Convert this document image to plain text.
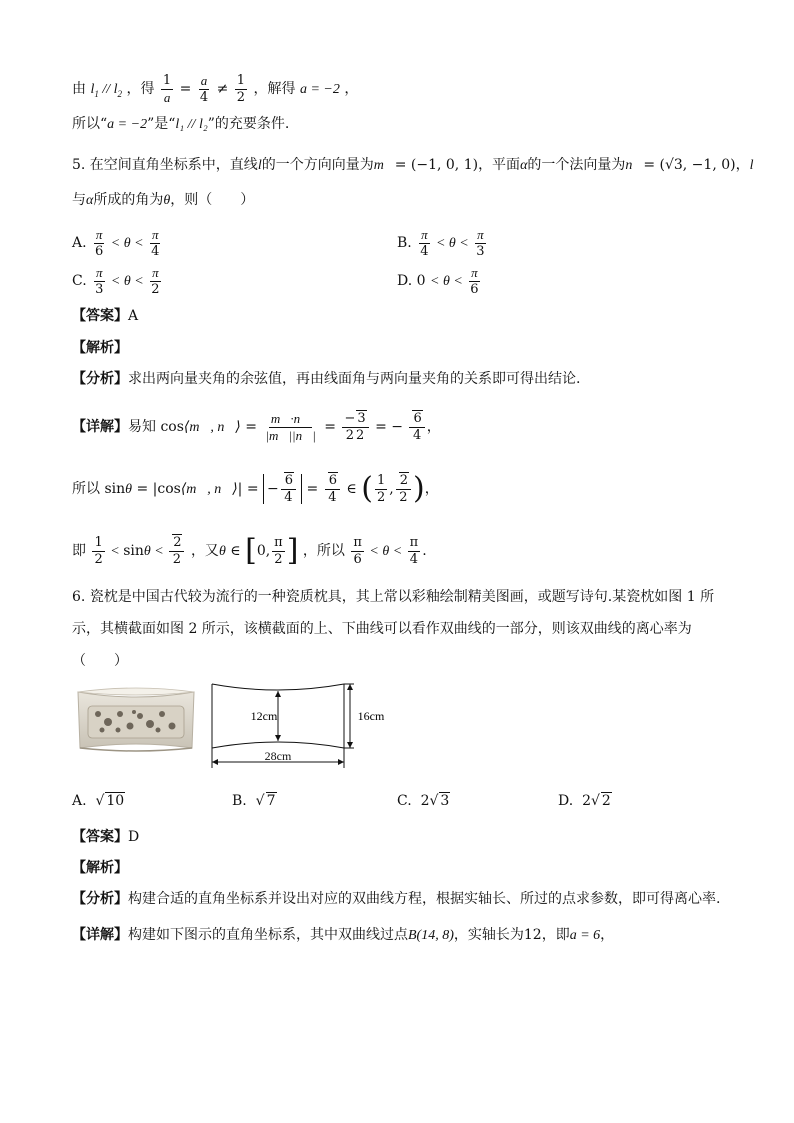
由 $l_1 // l_2$ ，得 $\frac{1}{a} = \frac{a}{4} \ne \frac{1}{2}$ ，解得 a = −2 ，
所以“a = −2”是“l₁ // l₂”的充要条件.
5. 在空间直角坐标系中，直线l的一个方向向量为m⃗= (−1, 0, 1)，平面α的一个法向量为n⃗= (√3, −1, 0)，l
与α所成的角为θ，则（　　）
A. $\frac{\pi}{6} < \theta < \frac{\pi}{4}$	B. $\frac{\pi}{4} < \theta < \frac{\pi}{3}$
C. $\frac{\pi}{3} < \theta < \frac{\pi}{2}$	D. $0 < \theta < \frac{\pi}{6}$
【答案】A
【解析】
【分析】求出两向量夹角的余弦值，再由线面角与两向量夹角的关系即可得出结论.
【详解】易知 cos⟨m⃗, n⃗⟩ = $\frac{m⃗\cdot n⃗}{|m⃗||n⃗|} = \frac{- 3}{2 2}$ = − $\frac{6}{4}$ ，
所以 sinθ = |cos⟨m⃗, n⃗⟩| = − $\frac{6}{4} = \frac{6}{4}$ ∈ ( $\frac{1}{2}$ , $\frac{2}{2}$ )，
即 $\frac{1}{2} < \sin\theta < \frac{2}{2}$ ，又θ ∈ [0, $\frac{\pi}{2}$ ] ，所以 $\frac{\pi}{6} < \theta < \frac{\pi}{4}$ .
6. 瓷枕是中国古代较为流行的一种瓷质枕具，其上常以彩釉绘制精美图画，或题写诗句.某瓷枕如图 1 所
示，其横截面如图 2 所示，该横截面的上、下曲线可以看作双曲线的一部分，则该双曲线的离心率为
（　　）
12cm	16cm
28cm
A.  √ 10	B.  √ 7	C.  2√ 3	D.  2√ 2
【答案】D
【解析】
【分析】构建合适的直角坐标系并设出对应的双曲线方程，根据实轴长、所过的点求参数，即可得离心率.
【详解】构建如下图示的直角坐标系，其中双曲线过点B(14, 8)，实轴长为12，即a = 6，
